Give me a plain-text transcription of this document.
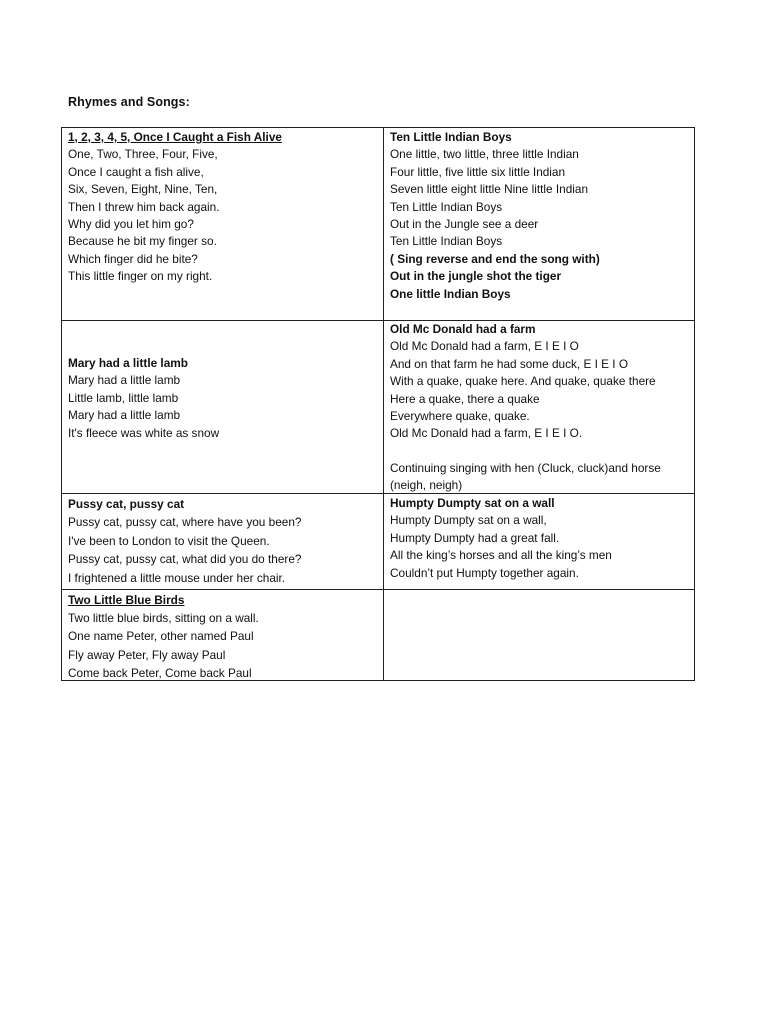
Rhymes and Songs:
1, 2, 3, 4, 5, Once I Caught a Fish Alive
One, Two, Three, Four, Five,
Once I caught a fish alive,
Six, Seven, Eight, Nine, Ten,
Then I threw him back again.
Why did you let him go?
Because he bit my finger so.
Which finger did he bite?
This little finger on my right.
Ten Little Indian Boys
One little, two little, three little Indian
Four little, five little six little Indian
Seven little eight little Nine little Indian
Ten Little Indian Boys
Out in the Jungle see a deer
Ten Little Indian Boys
( Sing reverse and end the song with)
Out in the jungle shot the tiger
One little Indian Boys
Mary had a little lamb
Mary had a little lamb
Little lamb, little lamb
Mary had a little lamb
It's fleece was white as snow
Old Mc Donald had a farm
Old Mc Donald had a farm, E I E I O
And on that farm he had some duck, E I E I O
With a quake, quake here. And quake, quake there
Here a quake, there a quake
Everywhere quake, quake.
Old Mc Donald had a farm, E I E I O.
Continuing singing with hen (Cluck, cluck)and horse (neigh, neigh)
Pussy cat, pussy cat
Pussy cat, pussy cat, where have you been?
I've been to London to visit the Queen.
Pussy cat, pussy cat, what did you do there?
I frightened a little mouse under her chair.
Humpty Dumpty sat on a wall
Humpty Dumpty sat on a wall,
Humpty Dumpty had a great fall.
All the king’s horses and all the king’s men
Couldn’t put Humpty together again.
Two Little Blue Birds
Two little blue birds, sitting on a wall.
One name Peter, other named Paul
Fly away Peter, Fly away Paul
Come back Peter, Come back Paul
